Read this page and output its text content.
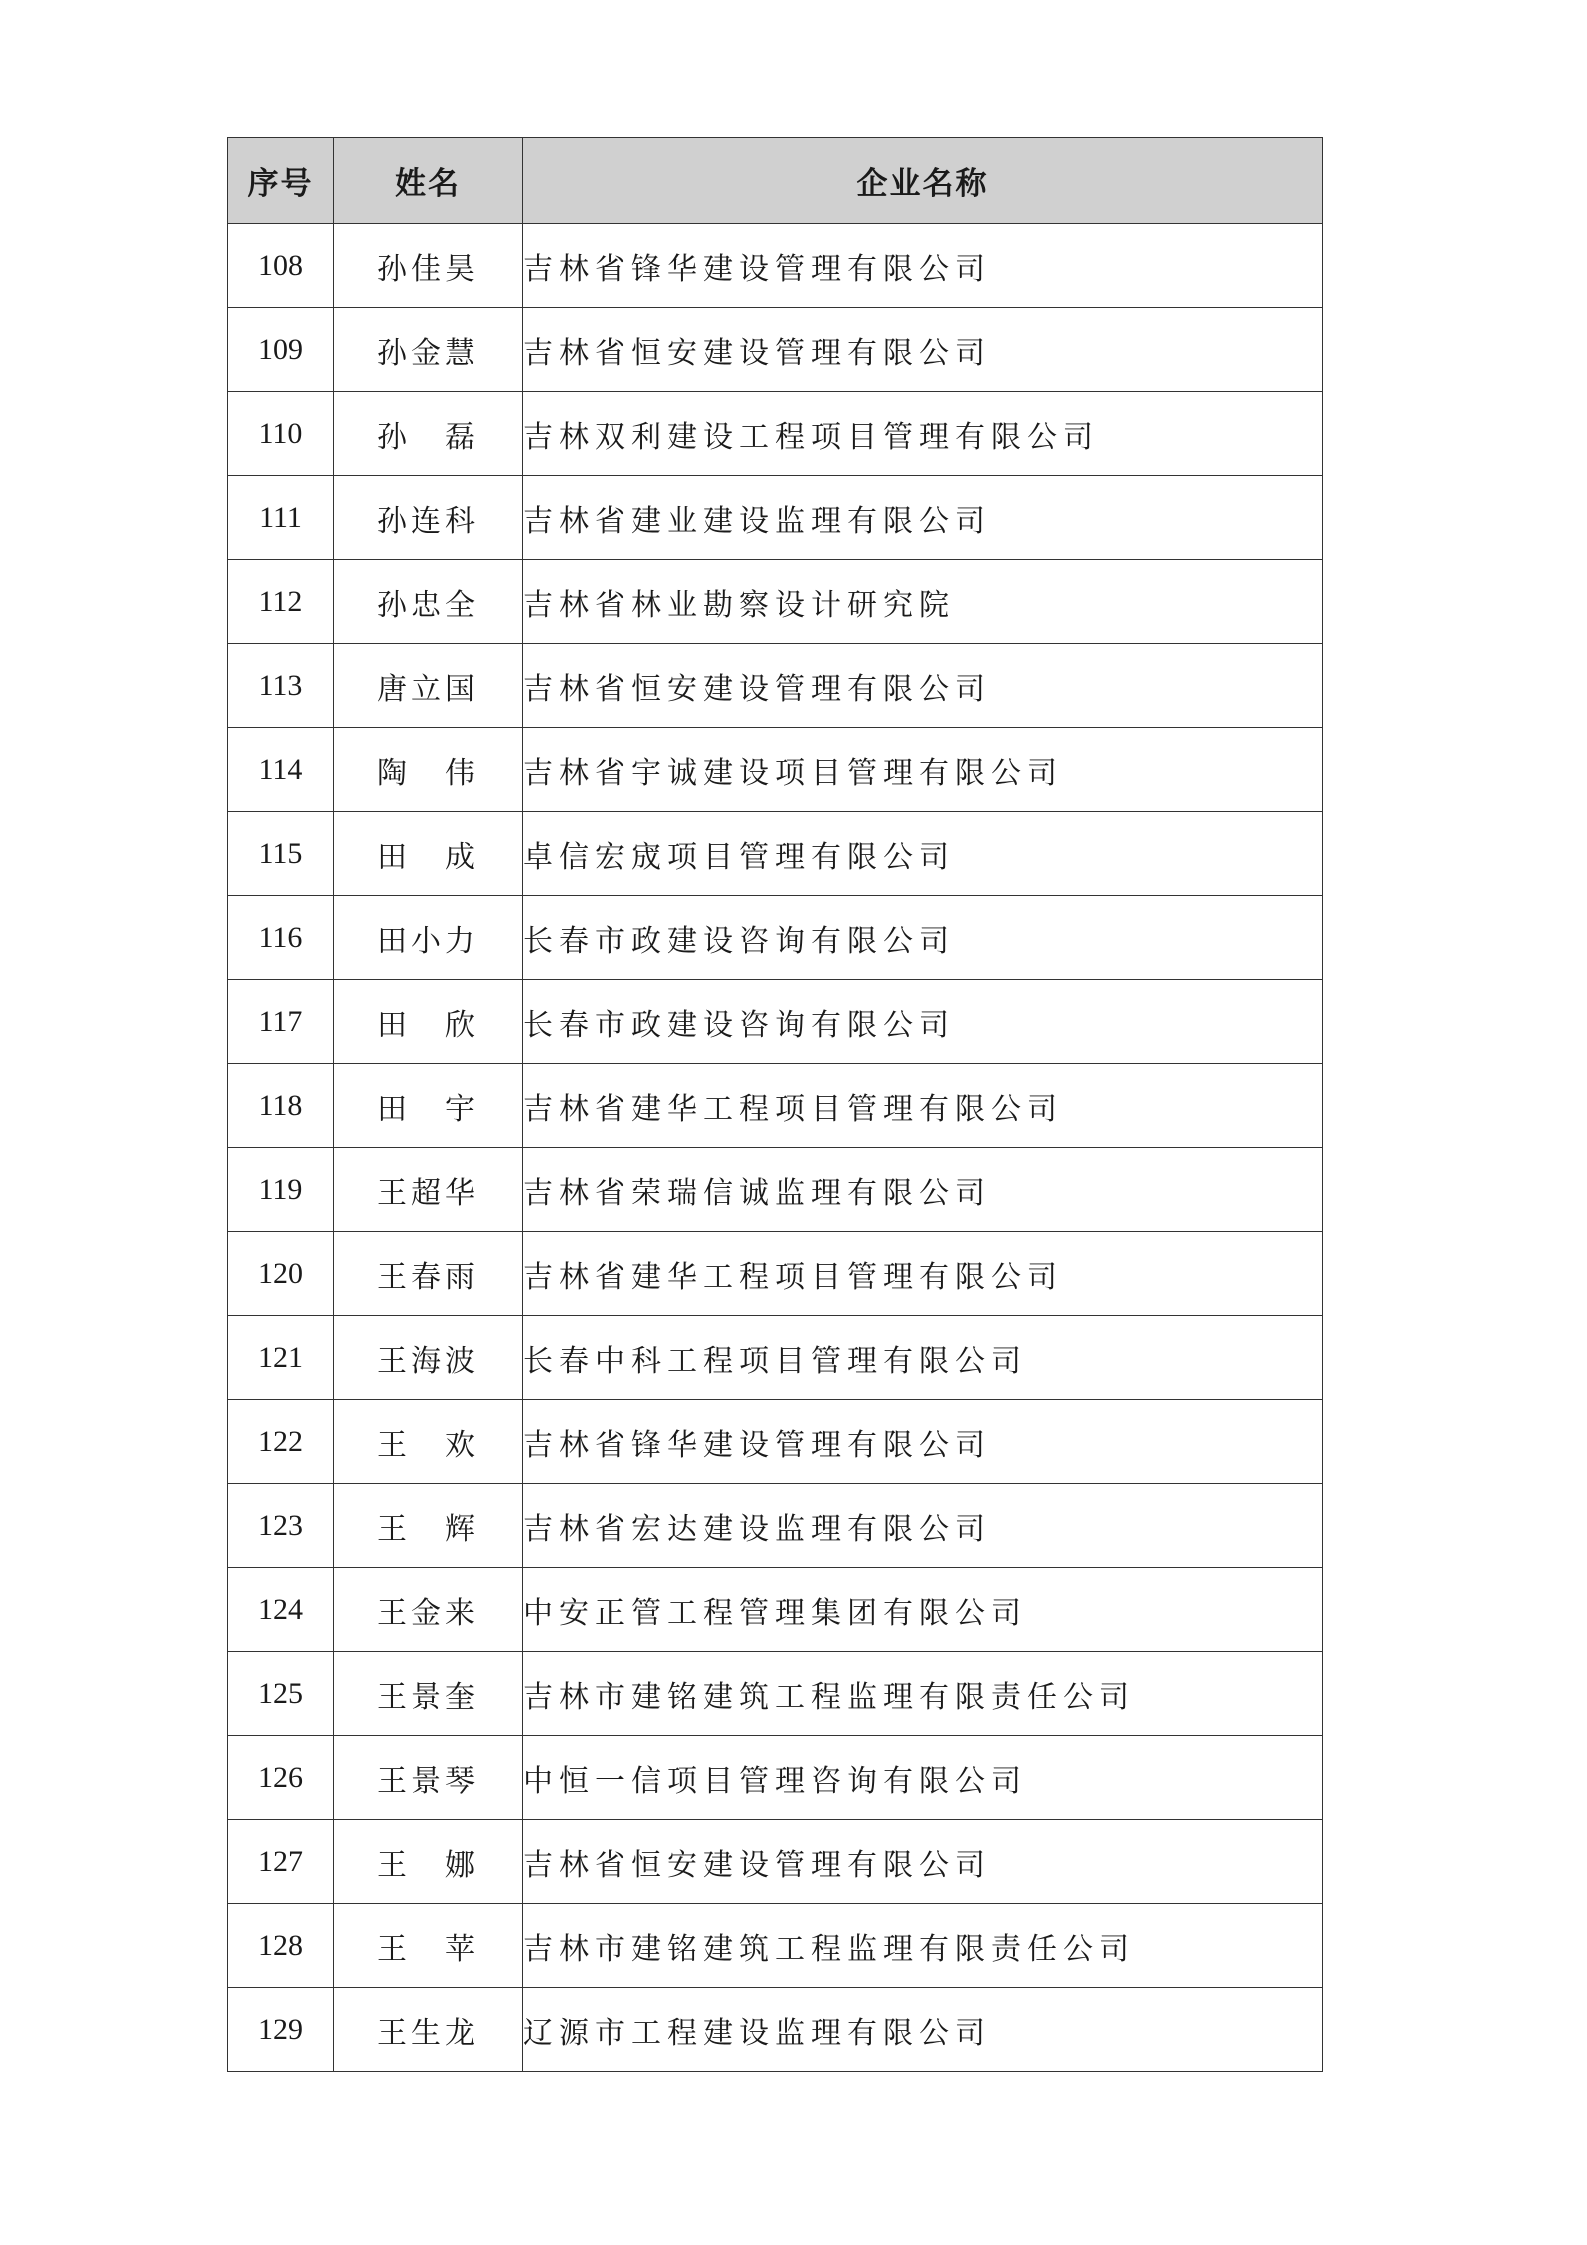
序号	姓名	企业名称
108	孙佳昊	吉林省锋华建设管理有限公司
109	孙金慧	吉林省恒安建设管理有限公司
110	孙　磊	吉林双利建设工程项目管理有限公司
111	孙连科	吉林省建业建设监理有限公司
112	孙忠全	吉林省林业勘察设计研究院
113	唐立国	吉林省恒安建设管理有限公司
114	陶　伟	吉林省宇诚建设项目管理有限公司
115	田　成	卓信宏宬项目管理有限公司
116	田小力	长春市政建设咨询有限公司
117	田　欣	长春市政建设咨询有限公司
118	田　宇	吉林省建华工程项目管理有限公司
119	王超华	吉林省荣瑞信诚监理有限公司
120	王春雨	吉林省建华工程项目管理有限公司
121	王海波	长春中科工程项目管理有限公司
122	王　欢	吉林省锋华建设管理有限公司
123	王　辉	吉林省宏达建设监理有限公司
124	王金来	中安正管工程管理集团有限公司
125	王景奎	吉林市建铭建筑工程监理有限责任公司
126	王景琴	中恒一信项目管理咨询有限公司
127	王　娜	吉林省恒安建设管理有限公司
128	王　苹	吉林市建铭建筑工程监理有限责任公司
129	王生龙	辽源市工程建设监理有限公司
